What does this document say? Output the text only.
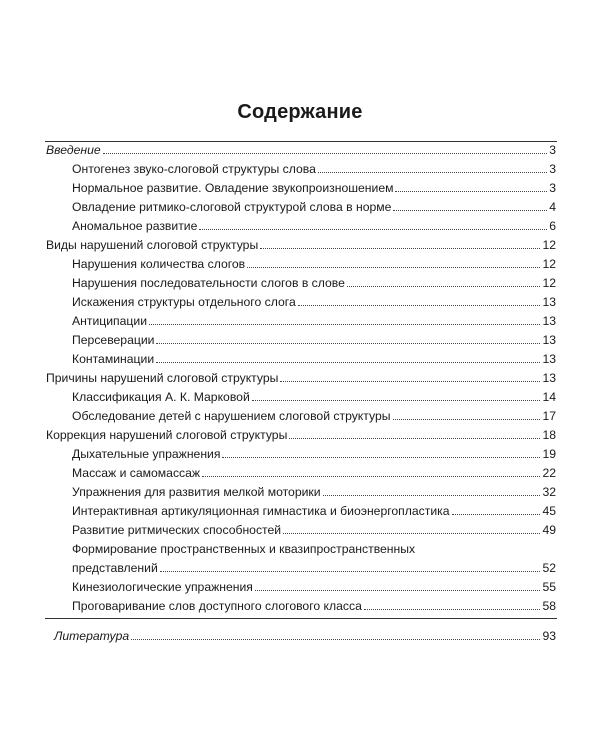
Содержание
Введение	3
Онтогенез звуко-слоговой структуры слова	3
Нормальное развитие. Овладение звукопроизношением	3
Овладение ритмико-слоговой структурой слова в норме	4
Аномальное развитие	6
Виды нарушений слоговой структуры	12
Нарушения количества слогов	12
Нарушения последовательности слогов в слове	12
Искажения структуры отдельного слога	13
Антиципации	13
Персеверации	13
Контаминации	13
Причины нарушений слоговой структуры	13
Классификация А. К. Марковой	14
Обследование детей с нарушением слоговой структуры	17
Коррекция нарушений слоговой структуры	18
Дыхательные упражнения	19
Массаж и самомассаж	22
Упражнения для развития мелкой моторики	32
Интерактивная артикуляционная гимнастика и биоэнергопластика	45
Развитие ритмических способностей	49
Формирование пространственных и квазипространственных
представлений	52
Кинезиологические упражнения	55
Проговаривание слов доступного слогового класса	58
Литература	93
